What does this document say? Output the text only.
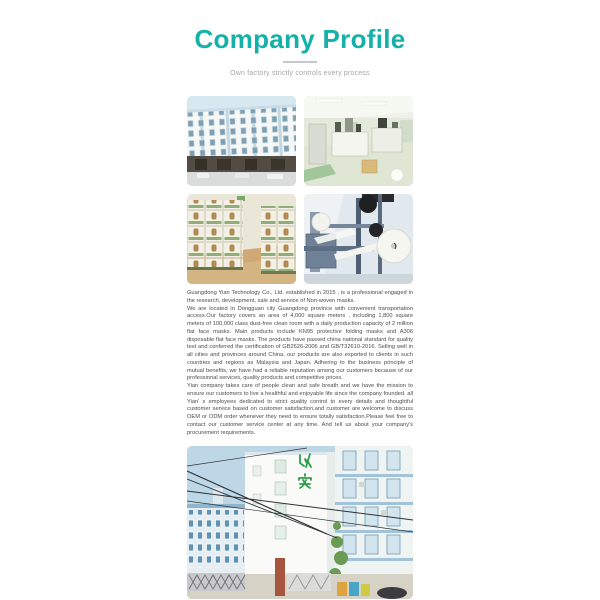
Company Profile
Own factory strictly controls every process

Guangdong Yian Technology Co., Ltd. established in 2015 , is a professional engaged in the research, development, sale and service of Non-woven masks.

We are located in Dongguan city Guangdong province with convenient transportation access.Our factory covers an area of 4,000 square meters , including 1,800 square meters of 100,000 class dust-free clean room with a daily production capacity of 2 million flat face masks. Main products include KN95 protective folding masks and A306 disposable flat face masks. The products have passed china national standard for quality test and conferred the certification of GB2626-2006 and GB/T32610-2016. Selling well in all cities and provinces around China, our products are also exported to clients in such countries and regions as Malaysia and Japan. Adhering to the business principle of mutual benefits, we have had a reliable reputation among our customers because of our professional services, quality products and competitive prices.

Yian company takes care of people clean and safe breath and we have the mission to ensure our customers to live a healthful and enjoyable life since the company founded. all Yian' s employees dedicated to strict quality control to every details and thoughtful customer service based on customer satisfaction,and customer are welcome to discuss OEM or ODM order whenever they need to ensure totally satisfaction.Please feel free to contact our customer service center at any time. And tell us about your company's procurement requirements.
